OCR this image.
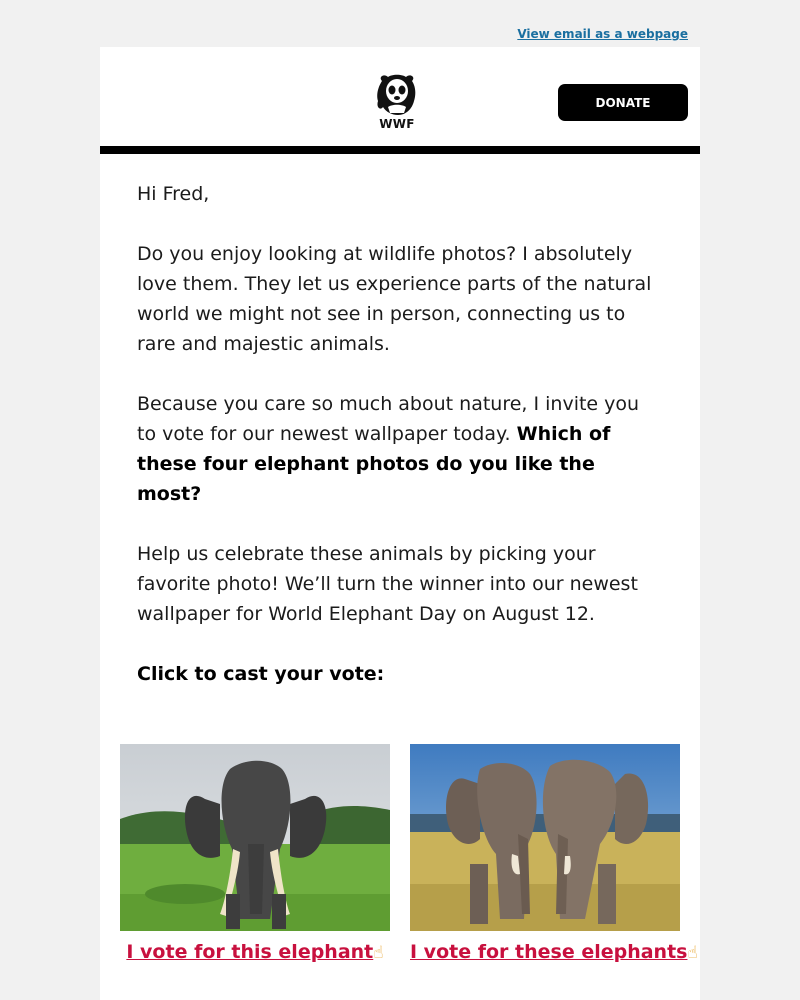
View email as a webpage
WWF
DONATE

Hi Fred,

Do you enjoy looking at wildlife photos? I absolutely love them. They let us experience parts of the natural world we might not see in person, connecting us to rare and majestic animals.

Because you care so much about nature, I invite you to vote for our newest wallpaper today. Which of these four elephant photos do you like the most?

Help us celebrate these animals by picking your favorite photo! We’ll turn the winner into our newest wallpaper for World Elephant Day on August 12.

Click to cast your vote:

I vote for this elephant☝	I vote for these elephants☝
